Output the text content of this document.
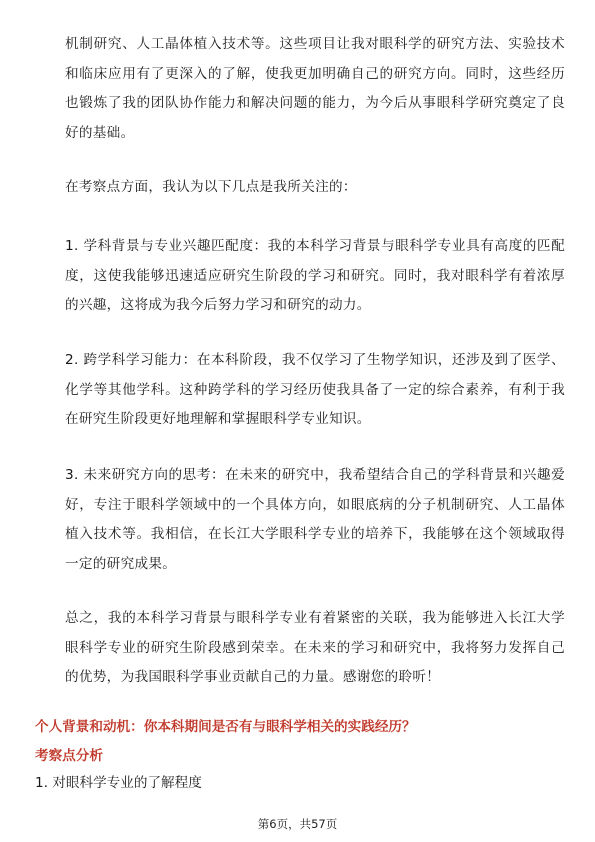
机制研究、人工晶体植入技术等。这些项目让我对眼科学的研究方法、实验技术和临床应用有了更深入的了解，使我更加明确自己的研究方向。同时，这些经历也锻炼了我的团队协作能力和解决问题的能力，为今后从事眼科学研究奠定了良好的基础。

在考察点方面，我认为以下几点是我所关注的：

1. 学科背景与专业兴趣匹配度：我的本科学习背景与眼科学专业具有高度的匹配度，这使我能够迅速适应研究生阶段的学习和研究。同时，我对眼科学有着浓厚的兴趣，这将成为我今后努力学习和研究的动力。

2. 跨学科学习能力：在本科阶段，我不仅学习了生物学知识，还涉及到了医学、化学等其他学科。这种跨学科的学习经历使我具备了一定的综合素养，有利于我在研究生阶段更好地理解和掌握眼科学专业知识。

3. 未来研究方向的思考：在未来的研究中，我希望结合自己的学科背景和兴趣爱好，专注于眼科学领域中的一个具体方向，如眼底病的分子机制研究、人工晶体植入技术等。我相信，在长江大学眼科学专业的培养下，我能够在这个领域取得一定的研究成果。

总之，我的本科学习背景与眼科学专业有着紧密的关联，我为能够进入长江大学眼科学专业的研究生阶段感到荣幸。在未来的学习和研究中，我将努力发挥自己的优势，为我国眼科学事业贡献自己的力量。感谢您的聆听！

个人背景和动机：你本科期间是否有与眼科学相关的实践经历？

考察点分析

1. 对眼科学专业的了解程度

第6页，共57页
